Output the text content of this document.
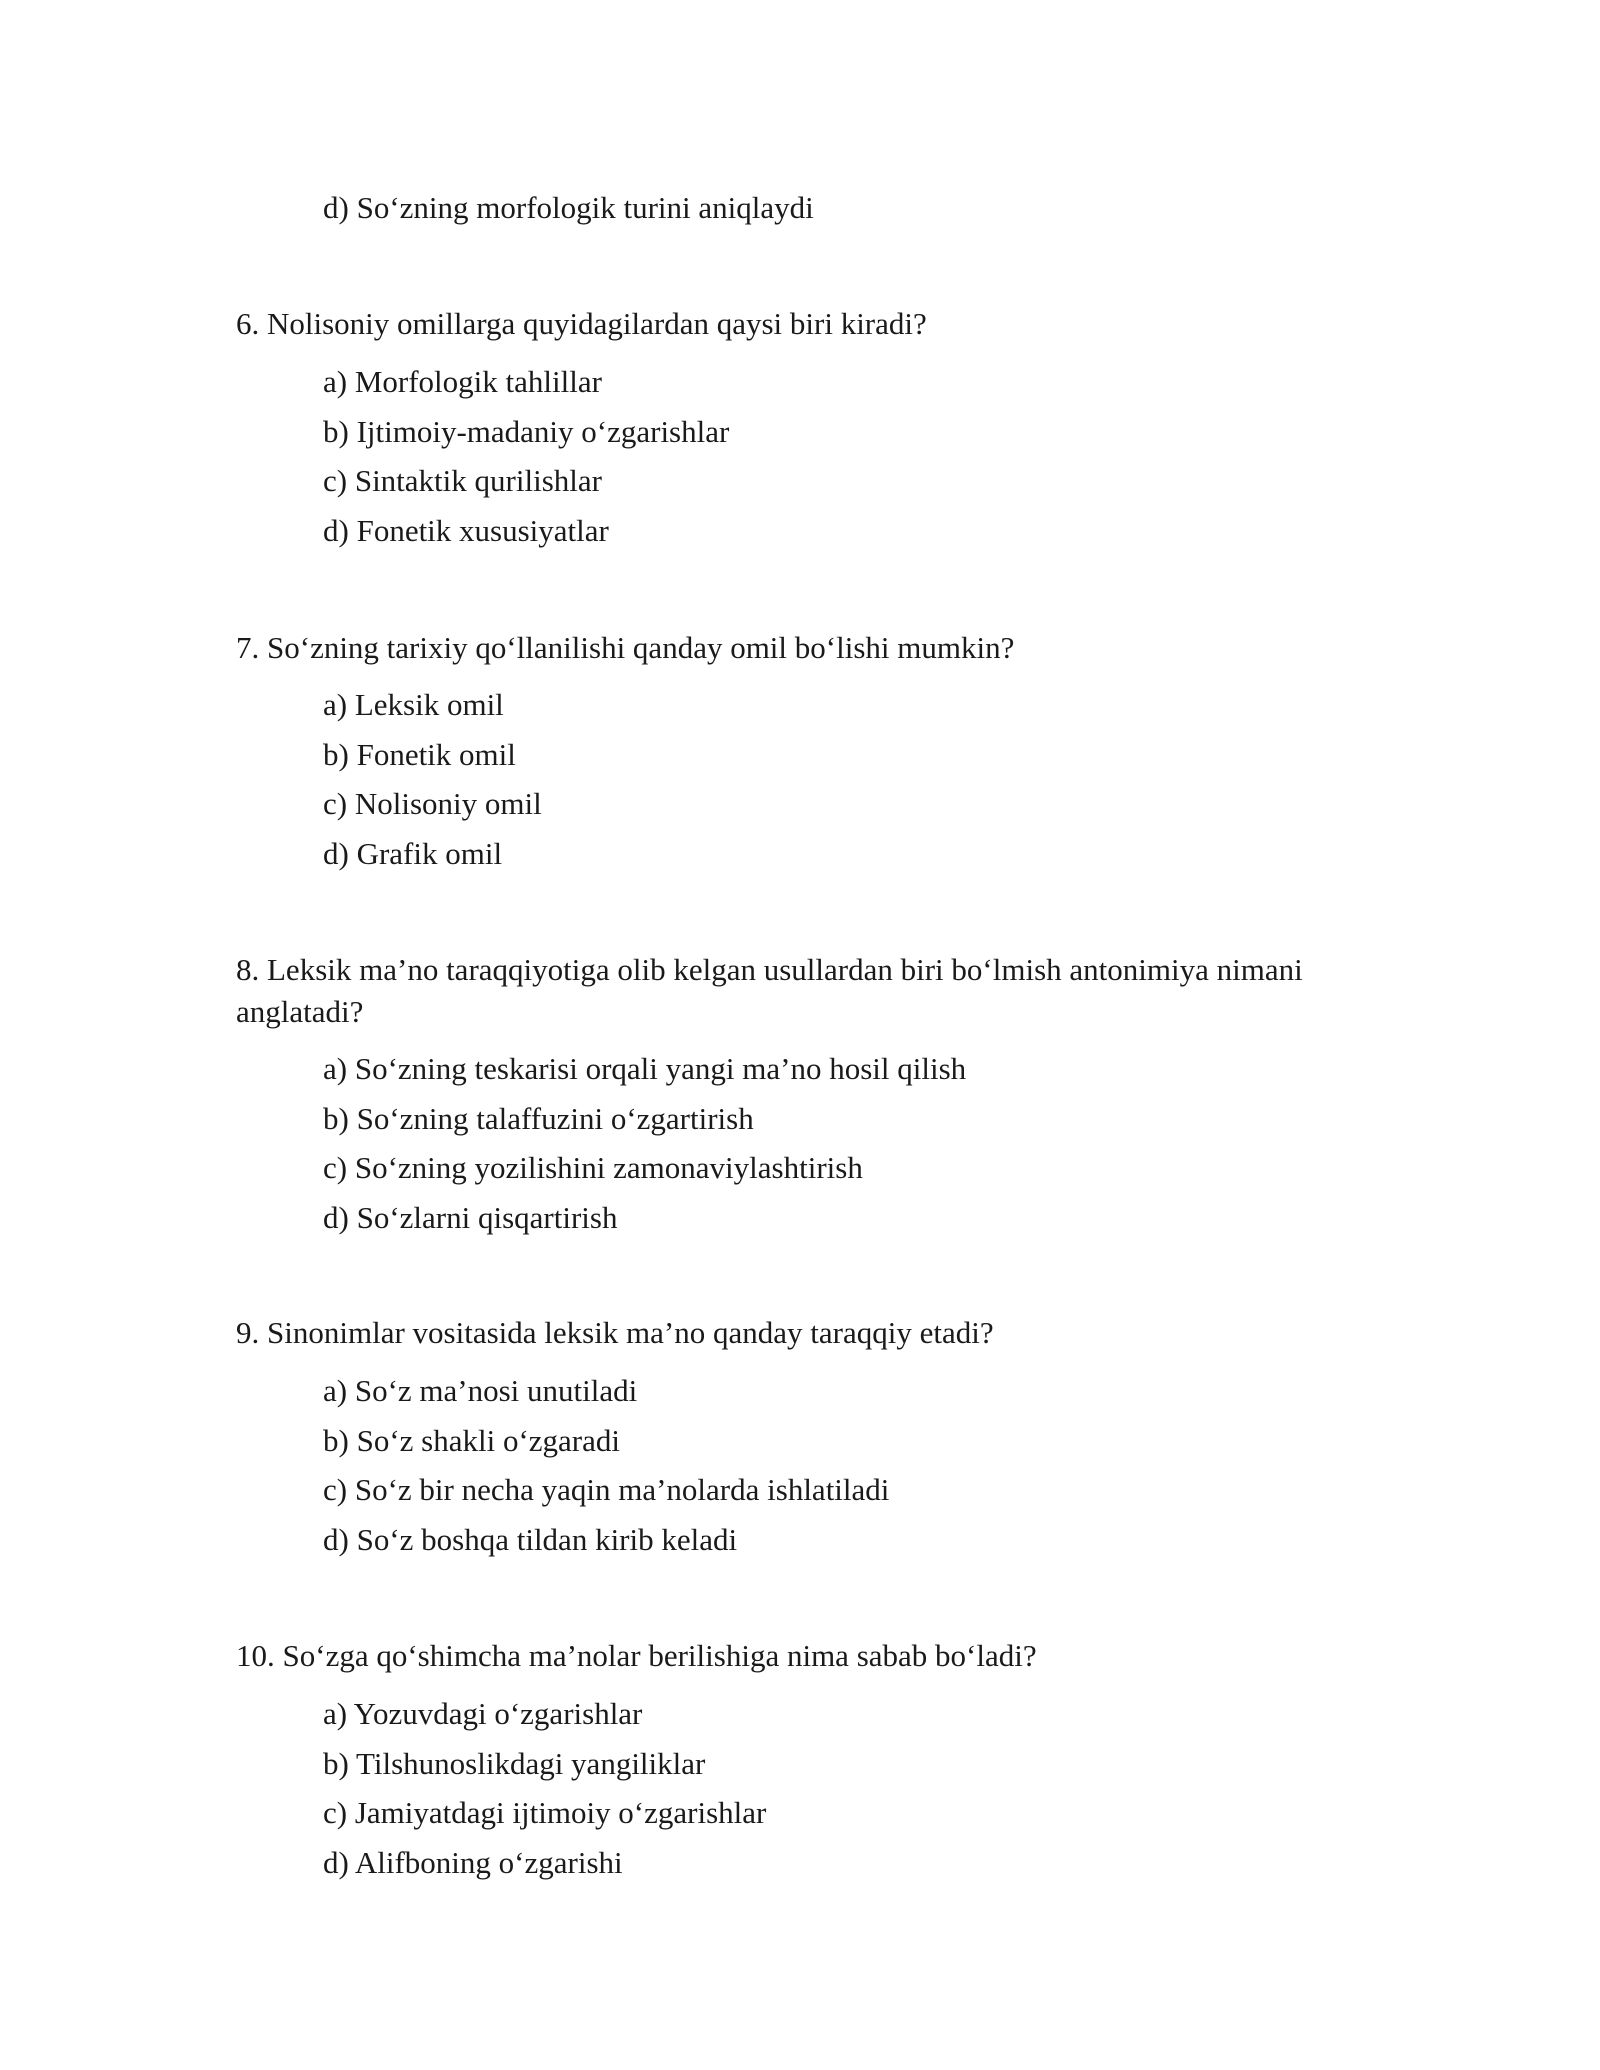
d) So‘zning morfologik turini aniqlaydi
6. Nolisoniy omillarga quyidagilardan qaysi biri kiradi?
a) Morfologik tahlillar
b) Ijtimoiy-madaniy o‘zgarishlar
c) Sintaktik qurilishlar
d) Fonetik xususiyatlar
7. So‘zning tarixiy qo‘llanilishi qanday omil bo‘lishi mumkin?
a) Leksik omil
b) Fonetik omil
c) Nolisoniy omil
d) Grafik omil
8. Leksik ma’no taraqqiyotiga olib kelgan usullardan biri bo‘lmish antonimiya nimani anglatadi?
a) So‘zning teskarisi orqali yangi ma’no hosil qilish
b) So‘zning talaffuzini o‘zgartirish
c) So‘zning yozilishini zamonaviylashtirish
d) So‘zlarni qisqartirish
9. Sinonimlar vositasida leksik ma’no qanday taraqqiy etadi?
a) So‘z ma’nosi unutiladi
b) So‘z shakli o‘zgaradi
c) So‘z bir necha yaqin ma’nolarda ishlatiladi
d) So‘z boshqa tildan kirib keladi
10. So‘zga qo‘shimcha ma’nolar berilishiga nima sabab bo‘ladi?
a) Yozuvdagi o‘zgarishlar
b) Tilshunoslikdagi yangiliklar
c) Jamiyatdagi ijtimoiy o‘zgarishlar
d) Alifboning o‘zgarishi
